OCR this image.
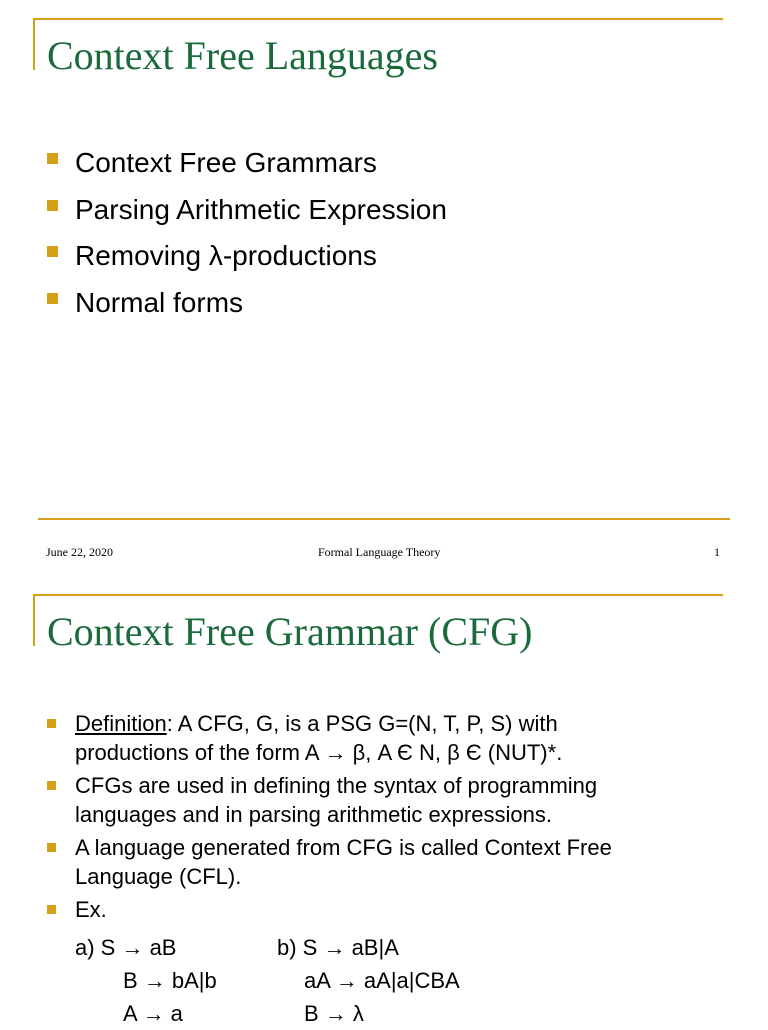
Context Free Languages
Context Free Grammars
Parsing Arithmetic Expression
Removing λ-productions
Normal forms
June 22, 2020	Formal Language Theory	1
Context Free Grammar (CFG)
Definition: A CFG, G, is a PSG G=(N, T, P, S) with
productions of the form A → β, A Є N, β Є (NUT)*.
CFGs are used in defining the syntax of programming
languages and in parsing arithmetic expressions.
A language generated from CFG is called Context Free
Language (CFL).
Ex.
a) S → aB
B → bA|b
A → a
b) S → aB|A
aA → aA|a|CBA
B → λ
